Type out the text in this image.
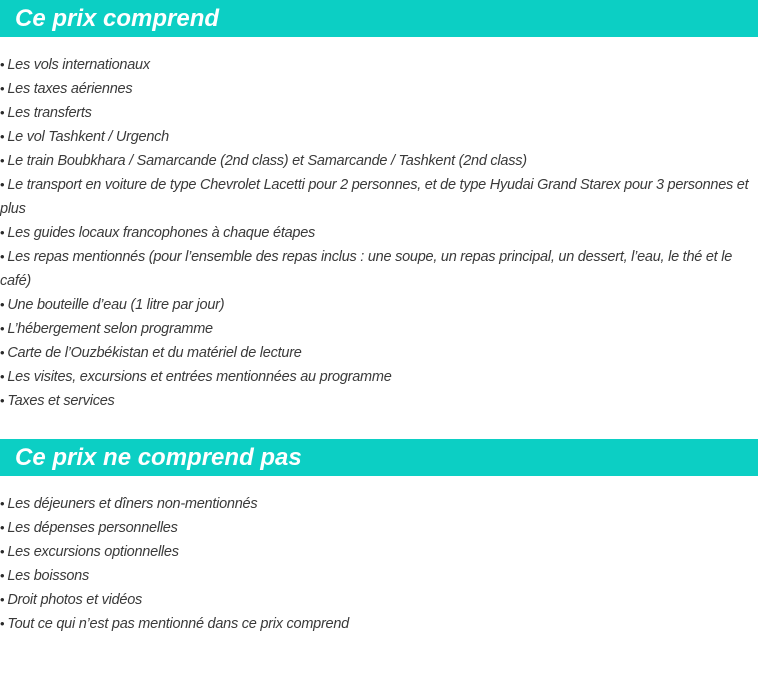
Ce prix comprend
• Les vols internationaux
• Les taxes aériennes
• Les transferts
• Le vol Tashkent / Urgench
• Le train Boubkhara / Samarcande (2nd class) et Samarcande / Tashkent (2nd class)
• Le transport en voiture de type Chevrolet Lacetti pour 2 personnes, et de type Hyudai Grand Starex pour 3 personnes et plus
• Les guides locaux francophones à chaque étapes
• Les repas mentionnés (pour l’ensemble des repas inclus : une soupe, un repas principal, un dessert, l’eau, le thé et le café)
• Une bouteille d’eau (1 litre par jour)
• L’hébergement selon programme
• Carte de l’Ouzbékistan et du matériel de lecture
• Les visites, excursions et entrées mentionnées au programme
• Taxes et services
Ce prix ne comprend pas
• Les déjeuners et dîners non-mentionnés
• Les dépenses personnelles
• Les excursions optionnelles
• Les boissons
• Droit photos et vidéos
• Tout ce qui n’est pas mentionné dans ce prix comprend
